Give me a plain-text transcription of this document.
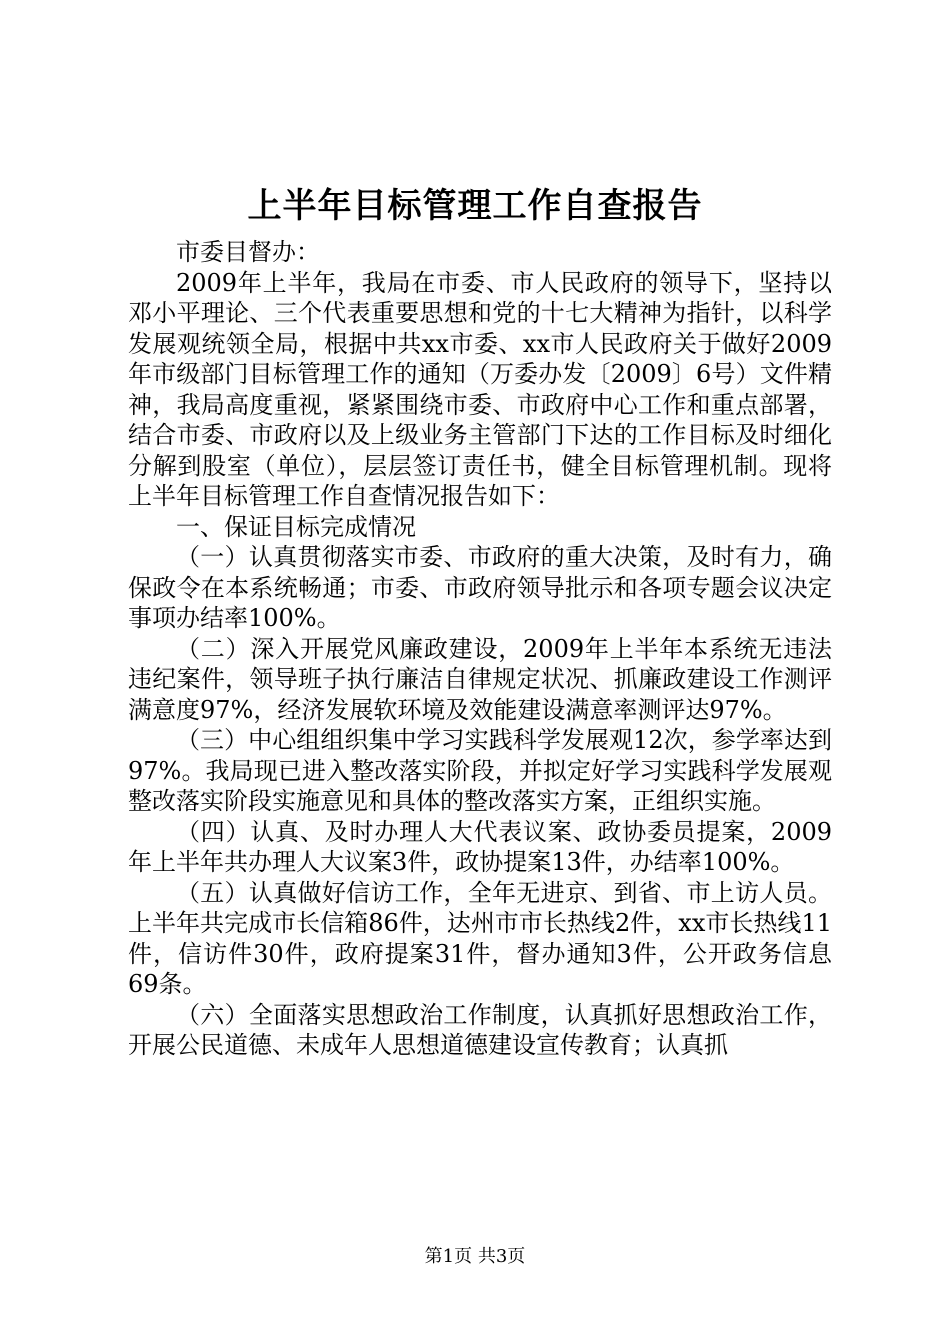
上半年目标管理工作自查报告

市委目督办：

2009年上半年，我局在市委、市人民政府的领导下，坚持以邓小平理论、三个代表重要思想和党的十七大精神为指针，以科学发展观统领全局，根据中共xx市委、xx市人民政府关于做好2009年市级部门目标管理工作的通知（万委办发〔2009〕6号）文件精神，我局高度重视，紧紧围绕市委、市政府中心工作和重点部署，结合市委、市政府以及上级业务主管部门下达的工作目标及时细化分解到股室（单位），层层签订责任书，健全目标管理机制。现将上半年目标管理工作自查情况报告如下：

一、保证目标完成情况

（一）认真贯彻落实市委、市政府的重大决策，及时有力，确保政令在本系统畅通；市委、市政府领导批示和各项专题会议决定事项办结率100%。

（二）深入开展党风廉政建设，2009年上半年本系统无违法违纪案件，领导班子执行廉洁自律规定状况、抓廉政建设工作测评满意度97%，经济发展软环境及效能建设满意率测评达97%。

（三）中心组组织集中学习实践科学发展观12次，参学率达到97%。我局现已进入整改落实阶段，并拟定好学习实践科学发展观整改落实阶段实施意见和具体的整改落实方案，正组织实施。

（四）认真、及时办理人大代表议案、政协委员提案，2009年上半年共办理人大议案3件，政协提案13件，办结率100%。

（五）认真做好信访工作，全年无进京、到省、市上访人员。上半年共完成市长信箱86件，达州市市长热线2件，xx市长热线11件，信访件30件，政府提案31件，督办通知3件，公开政务信息69条。

（六）全面落实思想政治工作制度，认真抓好思想政治工作，开展公民道德、未成年人思想道德建设宣传教育；认真抓

第1页 共3页
